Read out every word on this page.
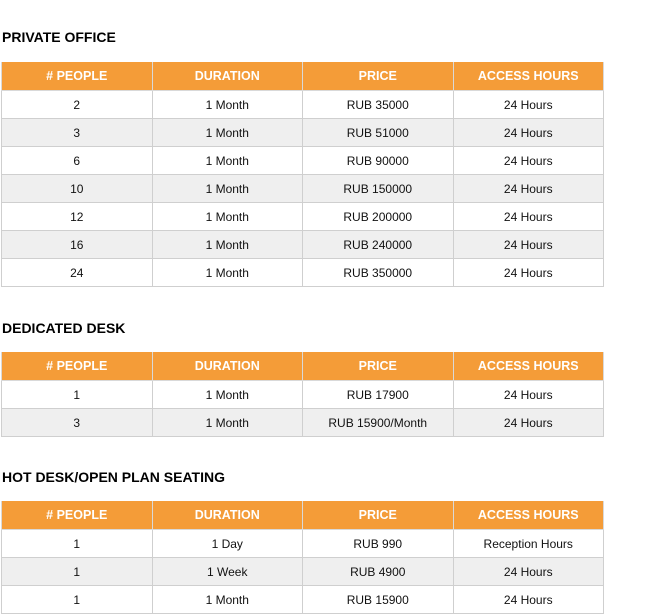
PRIVATE OFFICE
# PEOPLE	DURATION	PRICE	ACCESS HOURS
2	1 Month	RUB 35000	24 Hours
3	1 Month	RUB 51000	24 Hours
6	1 Month	RUB 90000	24 Hours
10	1 Month	RUB 150000	24 Hours
12	1 Month	RUB 200000	24 Hours
16	1 Month	RUB 240000	24 Hours
24	1 Month	RUB 350000	24 Hours
DEDICATED DESK
# PEOPLE	DURATION	PRICE	ACCESS HOURS
1	1 Month	RUB 17900	24 Hours
3	1 Month	RUB 15900/Month	24 Hours
HOT DESK/OPEN PLAN SEATING
# PEOPLE	DURATION	PRICE	ACCESS HOURS
1	1 Day	RUB 990	Reception Hours
1	1 Week	RUB 4900	24 Hours
1	1 Month	RUB 15900	24 Hours
